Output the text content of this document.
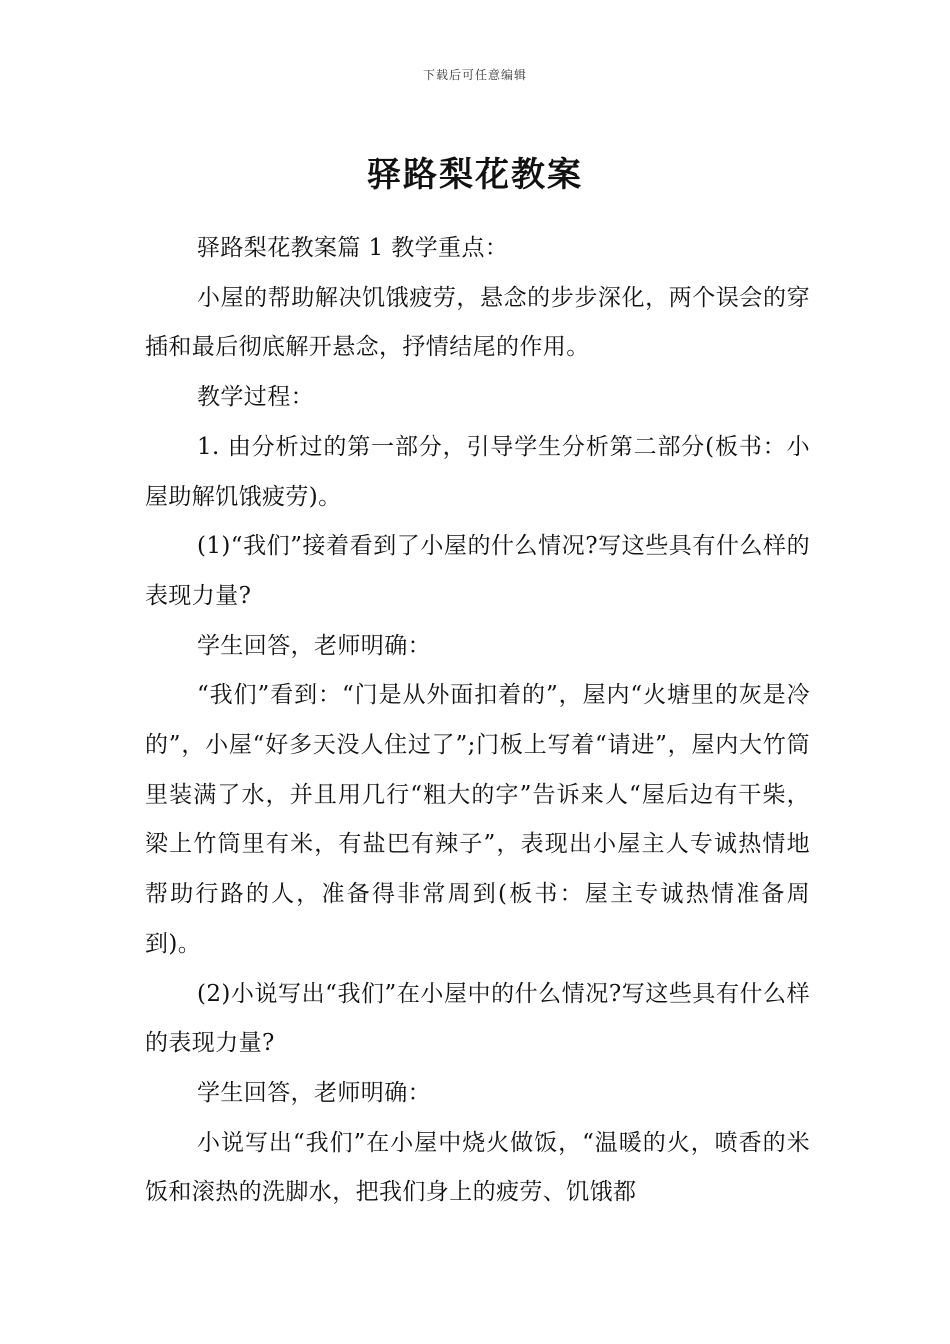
下载后可任意编辑
驿路梨花教案

驿路梨花教案篇 1 教学重点：

小屋的帮助解决饥饿疲劳，悬念的步步深化，两个误会的穿插和最后彻底解开悬念，抒情结尾的作用。

教学过程：

1. 由分析过的第一部分，引导学生分析第二部分(板书：小屋助解饥饿疲劳)。

(1)“我们”接着看到了小屋的什么情况?写这些具有什么样的表现力量?

学生回答，老师明确：

“我们”看到：“门是从外面扣着的”，屋内“火塘里的灰是冷的”，小屋“好多天没人住过了”;门板上写着“请进”，屋内大竹筒里装满了水，并且用几行“粗大的字”告诉来人“屋后边有干柴，梁上竹筒里有米，有盐巴有辣子”，表现出小屋主人专诚热情地帮助行路的人，准备得非常周到(板书：屋主专诚热情准备周到)。

(2)小说写出“我们”在小屋中的什么情况?写这些具有什么样的表现力量?

学生回答，老师明确：

小说写出“我们”在小屋中烧火做饭，“温暖的火，喷香的米饭和滚热的洗脚水，把我们身上的疲劳、饥饿都
